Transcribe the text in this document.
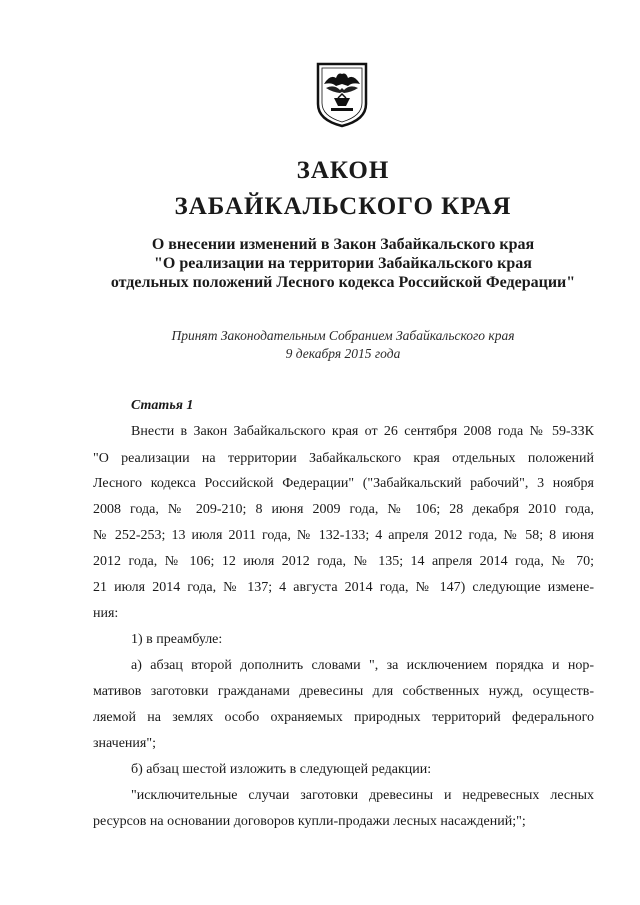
ЗАКОН
ЗАБАЙКАЛЬСКОГО КРАЯ
О внесении изменений в Закон Забайкальского края
"О реализации на территории Забайкальского края
отдельных положений Лесного кодекса Российской Федерации"
Принят Законодательным Собранием Забайкальского края
9 декабря 2015 года
Статья 1
Внести в Закон Забайкальского края от 26 сентября 2008 года № 59-ЗЗК
"О реализации на территории Забайкальского края отдельных положений
Лесного кодекса Российской Федерации" ("Забайкальский рабочий", 3 ноября
2008 года, № 209-210; 8 июня 2009 года, № 106; 28 декабря 2010 года,
№ 252-253; 13 июля 2011 года, № 132-133; 4 апреля 2012 года, № 58; 8 июня
2012 года, № 106; 12 июля 2012 года, № 135; 14 апреля 2014 года, № 70;
21 июля 2014 года, № 137; 4 августа 2014 года, № 147) следующие измене-
ния:
1) в преамбуле:
а) абзац второй дополнить словами ", за исключением порядка и нор-
мативов заготовки гражданами древесины для собственных нужд, осуществ-
ляемой на землях особо охраняемых природных территорий федерального
значения";
б) абзац шестой изложить в следующей редакции:
"исключительные случаи заготовки древесины и недревесных лесных
ресурсов на основании договоров купли-продажи лесных насаждений;";
